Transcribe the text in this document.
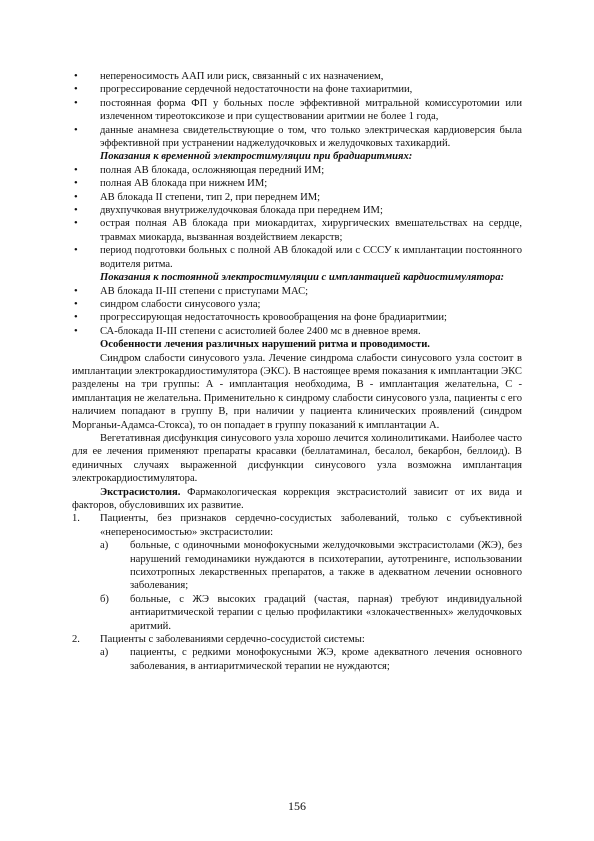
• непереносимость ААП или риск, связанный с их назначением,
• прогрессирование сердечной недостаточности на фоне тахиаритмии,
• постоянная форма ФП у больных после эффективной митральной комиссуротомии или излеченном тиреотоксикозе и при существовании аритмии не более 1 года,
• данные анамнеза свидетельствующие о том, что только электрическая кардиоверсия была эффективной при устранении наджелудочковых и желудочковых тахикардий.
Показания к временной электростимуляции при брадиаритмиях:
• полная АВ блокада, осложняющая передний ИМ;
• полная АВ блокада при нижнем ИМ;
• АВ блокада II степени, тип 2, при переднем ИМ;
• двухпучковая внутрижелудочковая блокада при переднем ИМ;
• острая полная АВ блокада при миокардитах, хирургических вмешательствах на сердце, травмах миокарда, вызванная воздействием лекарств;
• период подготовки больных с полной АВ блокадой или с СССУ к имплантации постоянного водителя ритма.
Показания к постоянной электростимуляции с имплантацией кардиостимулятора:
• АВ блокада II-III степени с приступами МАС;
• синдром слабости синусового узла;
• прогрессирующая недостаточность кровообращения на фоне брадиаритмии;
• СА-блокада II-III степени с асистолией более 2400 мс в дневное время.
Особенности лечения различных нарушений ритма и проводимости.

Синдром слабости синусового узла. Лечение синдрома слабости синусового узла состоит в имплантации электрокардиостимулятора (ЭКС). В настоящее время показания к имплантации ЭКС разделены на три группы: А - имплантация необходима, В - имплантация желательна, С - имплантация не желательна. Применительно к синдрому слабости синусового узла, пациенты с его наличием попадают в группу В, при наличии у пациента клинических проявлений (синдром Морганьи-Адамса-Стокса), то он попадает в группу показаний к имплантации А.

Вегетативная дисфункция синусового узла хорошо лечится холинолитиками. Наиболее часто для ее лечения применяют препараты красавки (беллатаминал, бесалол, бекарбон, беллоид). В единичных случаях выраженной дисфункции синусового узла возможна имплантация электрокардиостимулятора.

Экстрасистолия. Фармакологическая коррекция экстрасистолий зависит от их вида и факторов, обусловивших их развитие.

1. Пациенты, без признаков сердечно-сосудистых заболеваний, только с субъективной «непереносимостью» экстрасистолии:
а) больные, с одиночными монофокусными желудочковыми экстрасистолами (ЖЭ), без нарушений гемодинамики нуждаются в психотерапии, аутотренинге, использовании психотропных лекарственных препаратов, а также в адекватном лечении основного заболевания;
б) больные, с ЖЭ высоких градаций (частая, парная) требуют индивидуальной антиаритмической терапии с целью профилактики «злокачественных» желудочковых аритмий.
2. Пациенты с заболеваниями сердечно-сосудистой системы:
а) пациенты, с редкими монофокусными ЖЭ, кроме адекватного лечения основного заболевания, в антиаритмической терапии не нуждаются;
156
